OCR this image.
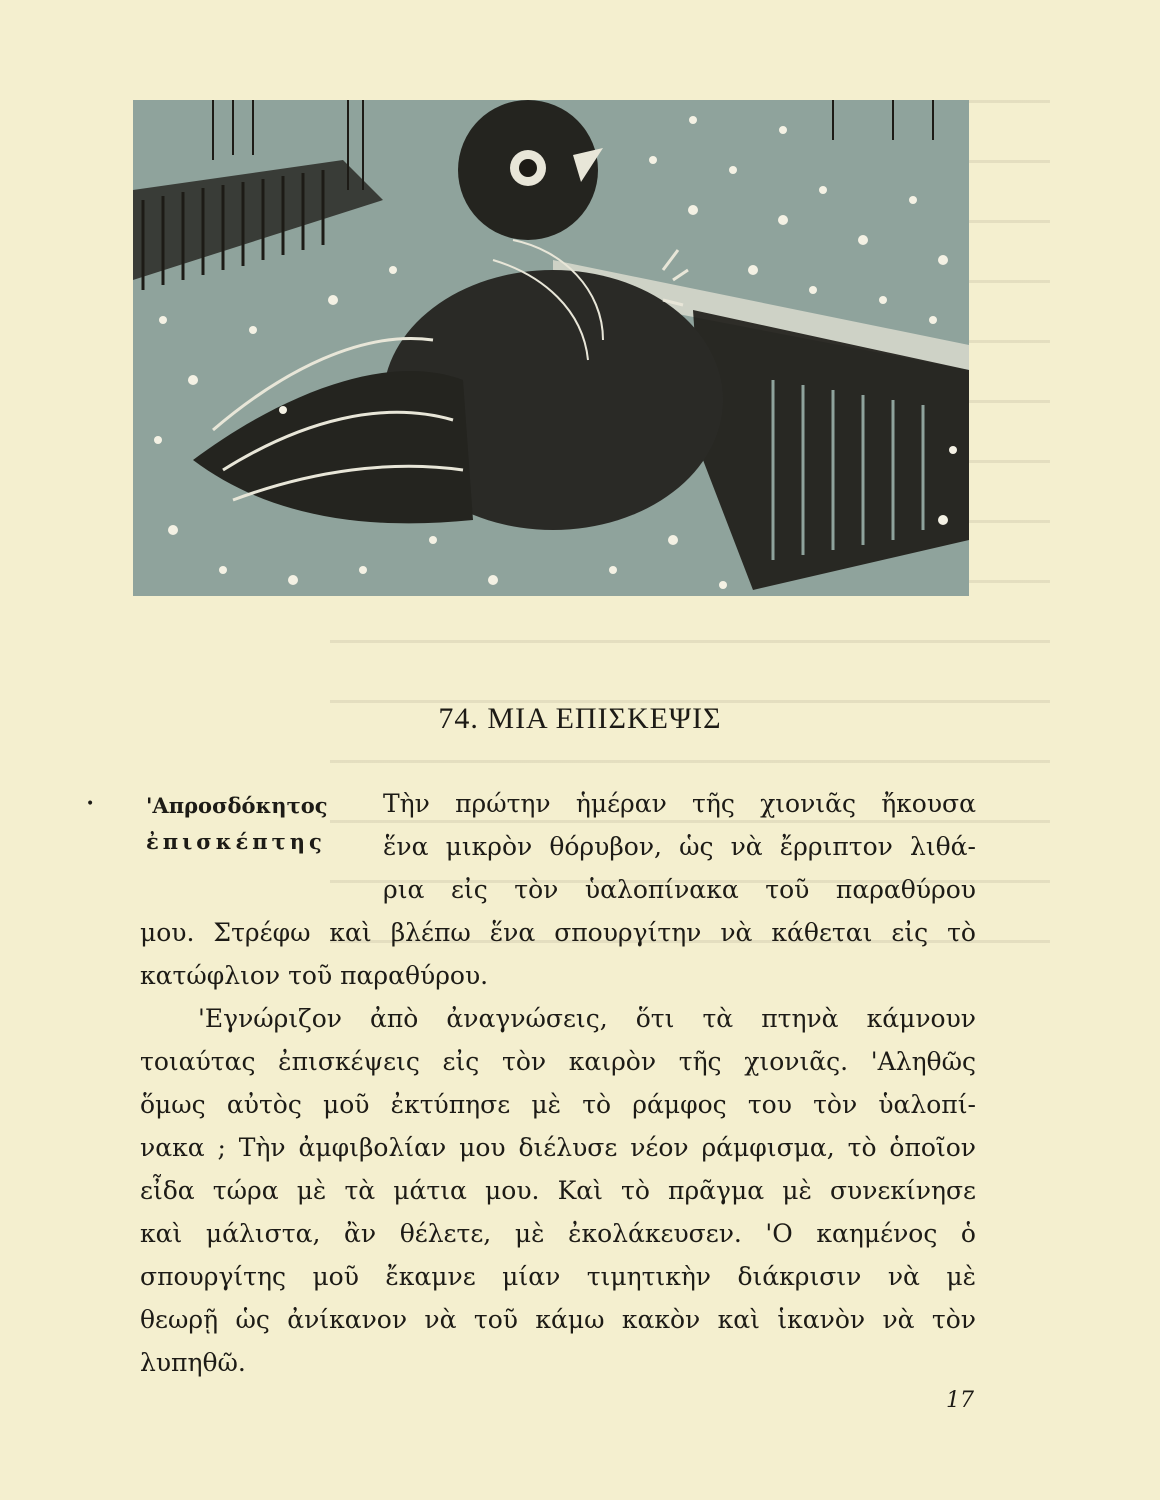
74. ΜΙΑ ΕΠΙΣΚΕΨΙΣ
• 'Απροσδόκητος
ἐπισκέπτης
Τὴν πρώτην ἡμέραν τῆς χιονιᾶς ἤκουσα
ἕνα μικρὸν θόρυβον, ὡς νὰ ἔρριπτον λιθά-
ρια εἰς τὸν ὑαλοπίνακα τοῦ παραθύρου
μου. Στρέφω καὶ βλέπω ἕνα σπουργίτην νὰ κάθεται εἰς τὸ
κατώφλιον τοῦ παραθύρου.
'Εγνώριζον ἀπὸ ἀναγνώσεις, ὅτι τὰ πτηνὰ κάμνουν
τοιαύτας ἐπισκέψεις εἰς τὸν καιρὸν τῆς χιονιᾶς. 'Αληθῶς
ὅμως αὐτὸς μοῦ ἐκτύπησε μὲ τὸ ράμφος του τὸν ὑαλοπί-
νακα ; Τὴν ἀμφιβολίαν μου διέλυσε νέον ράμφισμα, τὸ ὁποῖον
εἶδα τώρα μὲ τὰ μάτια μου. Καὶ τὸ πρᾶγμα μὲ συνεκίνησε
καὶ μάλιστα, ἂν θέλετε, μὲ ἐκολάκευσεν. 'Ο καημένος ὁ
σπουργίτης μοῦ ἔκαμνε μίαν τιμητικὴν διάκρισιν νὰ μὲ
θεωρῇ ὡς ἀνίκανον νὰ τοῦ κάμω κακὸν καὶ ἱκανὸν νὰ τὸν
λυπηθῶ.
17
